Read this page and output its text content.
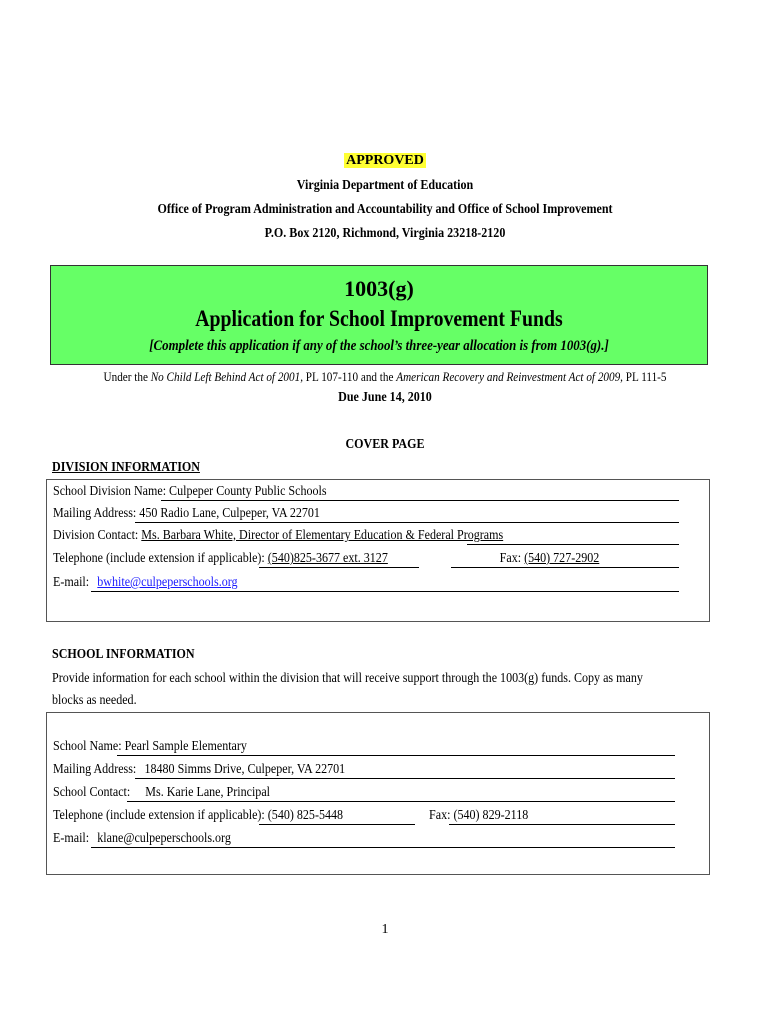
APPROVED
Virginia Department of Education
Office of Program Administration and Accountability and Office of School Improvement
P.O. Box 2120, Richmond, Virginia 23218-2120
1003(g)
Application for School Improvement Funds
[Complete this application if any of the school’s three-year allocation is from 1003(g).]
Under the No Child Left Behind Act of 2001, PL 107-110 and the American Recovery and Reinvestment Act of 2009, PL 111-5
Due June 14, 2010
COVER PAGE
DIVISION INFORMATION
School Division Name: Culpeper County Public Schools
Mailing Address: 450 Radio Lane, Culpeper, VA 22701
Division Contact: Ms. Barbara White, Director of Elementary Education & Federal Programs
Telephone (include extension if applicable): (540)825-3677 ext. 3127	Fax: (540) 727-2902
E-mail: bwhite@culpeperschools.org
SCHOOL INFORMATION
Provide information for each school within the division that will receive support through the 1003(g) funds. Copy as many blocks as needed.
School Name: Pearl Sample Elementary
Mailing Address: 18480 Simms Drive, Culpeper, VA 22701
School Contact: Ms. Karie Lane, Principal
Telephone (include extension if applicable): (540) 825-5448	Fax: (540) 829-2118
E-mail: klane@culpeperschools.org
1
